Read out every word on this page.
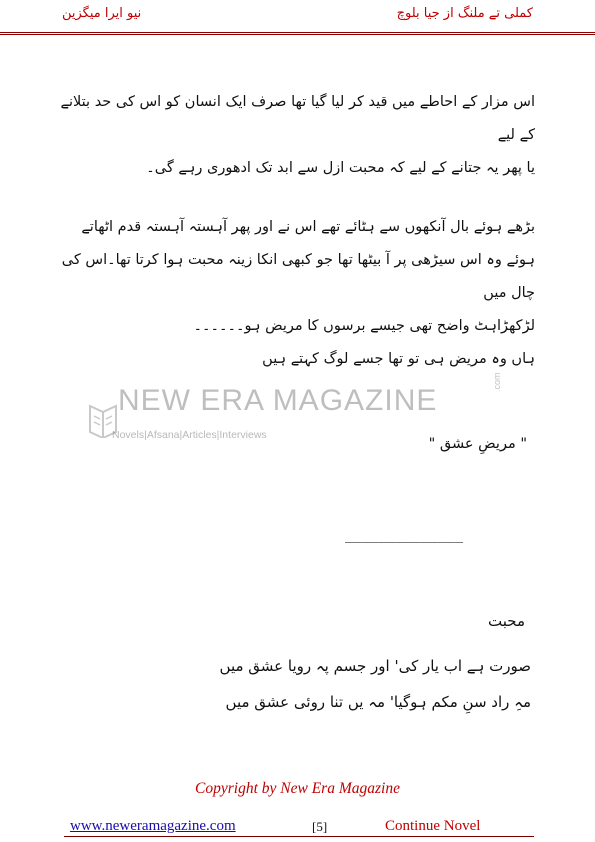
نیو ایرا میگزین	کملی تے ملنگ از جیا بلوچ
اس مزار کے احاطے میں قید کر لیا گیا تھا صرف ایک انسان کو اس کی حد بتلانے کے لیے
یا پھر یہ جتانے کے لیے کہ محبت ازل سے ابد تک ادھوری رہے گی۔
بڑھے ہوئے بال آنکھوں سے ہٹائے تھے اس نے اور پھر آہستہ آہستہ قدم اٹھاتے
ہوئے وہ اس سیڑھی پر آ بیٹھا تھا جو کبھی انکا زینہ محبت ہوا کرتا تھا۔اس کی چال میں
لڑکھڑاہٹ واضح تھی جیسے برسوں کا مریض ہو۔۔۔۔۔۔
ہاں وہ مریض ہی تو تھا جسے لوگ کہتے ہیں
NEW ERA MAGAZINE
Novels|Afsana|Articles|Interviews
.com
" مریضِ عشق "
______________
محبت
صورت ہے اب یار کی' اور جسم پہ رویا عشق میں
مہِ راد سنِ مکم ہوگیا' مہ یں تنا روئی عشق میں
Copyright by New Era Magazine
www.neweramagazine.com	[5]	Continue Novel
